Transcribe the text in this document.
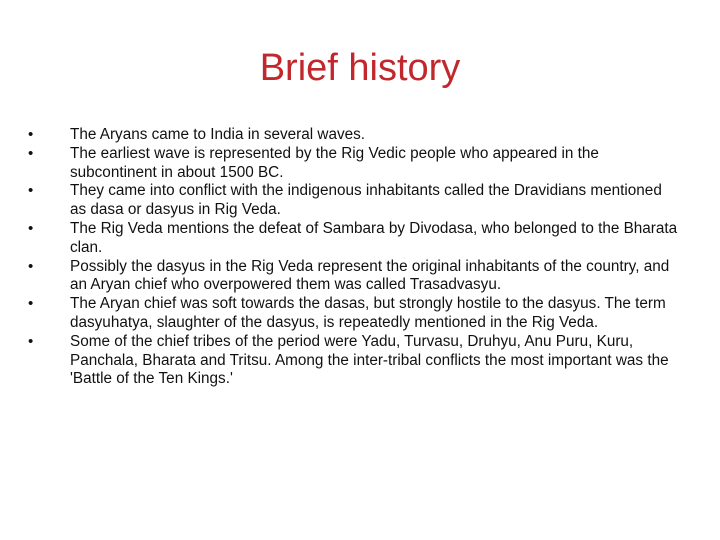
Brief history
•	The Aryans came to India in several waves.
•	The earliest wave is represented by the Rig Vedic people who appeared in the subcontinent in about 1500 BC.
•	They came into conflict with the indigenous inhabitants called the Dravidians mentioned as dasa or dasyus in Rig Veda.
•	The Rig Veda mentions the defeat of Sambara by Divodasa, who belonged to the Bharata clan.
•	Possibly the dasyus in the Rig Veda represent the original inhabitants of the country, and an Aryan chief who overpowered them was called Trasadvasyu.
•	The Aryan chief was soft towards the dasas, but strongly hostile to the dasyus. The term dasyuhatya, slaughter of the dasyus, is repeatedly mentioned in the Rig Veda.
•	Some of the chief tribes of the period were Yadu, Turvasu, Druhyu, Anu Puru, Kuru, Panchala, Bharata and Tritsu. Among the inter-tribal conflicts the most important was the 'Battle of the Ten Kings.'
